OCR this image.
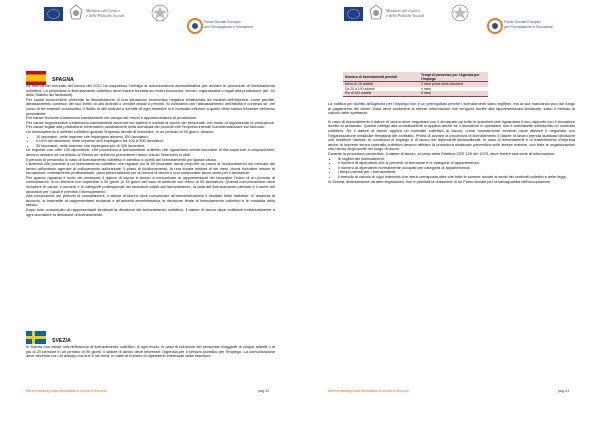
Ministero del Lavoro
e delle Politiche Sociali
Fondo Sociale Europeo
per l'Occupazione e l'Inclusione
SPAGNA

La riforma del mercato del lavoro del 2012 ha soppresso l'obbligo di autorizzazione amministrativa per avviare le procedure di licenziamento collettivo. La procedura di licenziamento collettivo deve essere fondata su motivi economici, tecnici, organizzativi o legati alla produzione (art. 51 dello Statuto dei lavoratori).

Per cause economiche s'intende la dimostrazione di una situazione economica negativa evidenziata da risultati dell'impresa, come perdite, abbassamento continuo del suo livello di utili ordinari o vendite attuali o previsti. Si considera che l'abbassamento dell'attività è continuo se, nel corso di tre trimestri consecutivi, il livello di utili ordinari o vendite di ogni trimestre si è mostrato inferiore a quello dello stesso trimestre dell'anno precedente.

Per cause tecniche s'intendono cambiamenti nel campo dei mezzi o apparecchiature di produzione.

Per cause organizzative s'intendono cambiamenti avvenuti nei sistemi e metodi di lavoro del personale, nel modo di organizzare la produzione. Per cause legate alla produzione s'intendono cambiamenti nella domanda dei prodotti che l'impresa intende commercializzare sul mercato.

Un licenziamento è definito collettivo quando l'impresa decide di licenziare, in un periodo di 90 giorni, almeno:

• 10 lavoratori, nelle imprese che impiegano almeno 100 lavoratori;
• il 10% dei lavoratori, nelle imprese che impiegano tra 100 a 300 lavoratori;
• 30 lavoratori, nelle imprese che impiegano più di 300 lavoratori.

Le imprese con oltre 100 dipendenti, che procedono a licenziamenti collettivi che riguardano anche lavoratori di età superiore a cinquant'anni, devono versare un contributo al Tesoro se nell'anno precedente hanno chiuso l'esercizio in utile.

Il periodo di preavviso in caso di licenziamento collettivo è identico a quello del licenziamento per giusta causa.

L'azienda che procede a un licenziamento collettivo che riguardi più di 50 lavoratori dovrà proporre un piano di ricollocamento sul mercato del lavoro utilizzando agenzie di collocamento autorizzate. Il piano di ricollocamento, di una durata minima di sei mesi, dovrà includere misure di formazione, orientamento professionale, piani personalizzati per la ricerca di lavoro e non comportare alcun costo per il lavoratore.

Per quanto riguarda il ruolo dei sindacati, il datore di lavoro è tenuto a comunicare ai rappresentanti del lavoratori l'inizio di un periodo di consultazioni, in un termine non superiore a 30 giorni (o 15 giorni nel caso di aziende con meno di 50 lavoratori). Questa comunicazione deve includere le cause, il numero e le categorie professionali dei lavoratori colpiti dal licenziamento, la data del licenziamento previsto e il nome del lavoratori per i quali è previsto il licenziamento.

Alla conclusione del periodo di consultazioni, il datore di lavoro deve comunicare all'amministrazione il risultato delle trattative. In assenza di accordo, si trasmette ai rappresentanti sindacali e all'autorità amministrativa la decisione finale di licenziamento collettivo e le modalità dello stesso.

Dopo aver comunicato ai rappresentanti sindacali la decisione del licenziamento collettivo, il datore di lavoro deve notificare individualmente a ogni lavoratore la decisione di licenziamento.

SVEZIA

In Svezia non esiste una definizione di licenziamento collettivo. A ogni modo, in caso di riduzione del personale maggiore di cinque addetti o di più di 20 persone in un periodo di 90 giorni, il datore di lavoro deve informare l'Agenzia per il servizio pubblico per l'Impiego. La comunicazione deve avvenire con un anticipo tra due e sei mesi, in base al numero di dipendenti interessati dalla riduzione.

Benchmarking sulla flessibilità in uscita in Europa	pag.42
Ministero del Lavoro
e delle Politiche Sociali
Fondo Sociale Europeo
per l'Occupazione e l'Inclusione
Numero di licenziamenti previsti	Tempi di preavviso per l'Agenzia per l'Impiego
Meno di 25 addetti	2 mesi prima della riduzione
Da 25 a 100 addetti	4 mesi
Più di 100 addetti	6 mesi

La notifica per iscritto all'Agenzia per l'Impiego non è un prerequisito perché i licenziamenti siano legittimi, ma la sua mancanza può dar luogo al pagamento dei danni. Essa deve contenere le stesse informazioni che vengono fornite alla rappresentanza sindacale, salvo il metodo di calcolo delle spettanze.

In caso di licenziamento il datore di lavoro deve negoziare con il sindacato cui tutte le questioni che riguardano il suo rapporto con il lavoratore iscritto al sindacato. Questo obbligo alla contrattazione si applica anche se il lavoratore in questione non è nonostante sottoscritto un contratto collettivo. Se il datore di lavoro applica un contratto collettivo di lavoro, come normalmente avviene, deve attivare il negoziato con l'organizzazione sindacale firmataria del contratto. Prima di avviare la procedura di licenziamento il datore di lavoro prenda qualsiasi decisione che modifichi l'attività, le condizioni di impiego e di lavoro dei dipendenti sindacalizzati. In caso di licenziamenti e di trasferimento d'impresa anche le imprese senza contratto collettivo devono attivare la procedura sindacale preventiva sulle stesse materie, con tutte le organizzazioni che hanno degli iscritti nel luogo di lavoro.

Durante la procedura preventiva, il datore di lavoro, ai sensi della Direttiva CEE 129 del 1975, deve fornire una serie di informazioni:

• le ragioni dei licenziamenti;
• il numero di dipendenti che si prevede di licenziare e le categorie di appartenenza;
• il numero di dipendenti normalmente occupati per categoria di appartenenza;
• i tempi previsti per i licenziamenti;
• il metodo di calcolo di ogni indennità che verrà corrisposta oltre che tutte le somme dovute ai sensi dei contratti collettivi e delle leggi.

In Svezia, diversamente da altre legislazioni, non è prevista la redazione di un Piano sociale per la salvaguardia dell'occupazione.

Benchmarking sulla flessibilità in uscita in Europa	pag.43
